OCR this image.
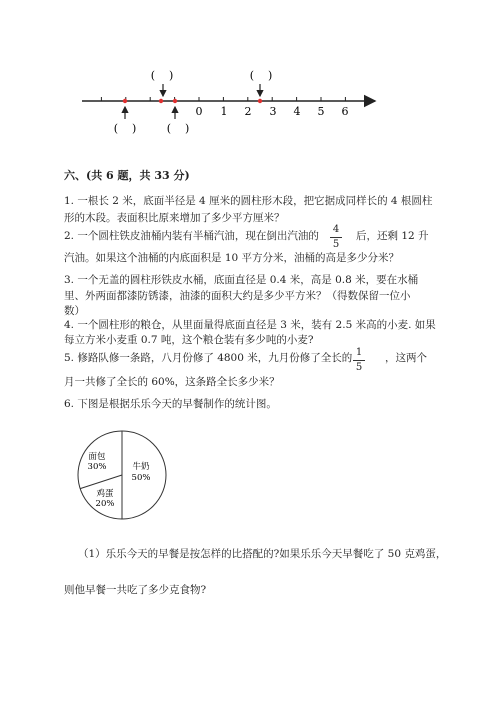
0 1 2 3 4 5 6
(    )	(    )
(    )	(    )
六、(共 6 题，共 33 分)
1. 一根长 2 米，底面半径是 4 厘米的圆柱形木段，把它据成同样长的 4 根圆柱
形的木段。表面积比原来增加了多少平方厘米？
2. 一个圆柱铁皮油桶内装有半桶汽油，现在倒出汽油的
4
5
后，还剩 12 升
汽油。如果这个油桶的内底面积是 10 平方分米，油桶的高是多少分米？
3. 一个无盖的圆柱形铁皮水桶，底面直径是 0.4 米，高是 0.8 米，要在水桶
里、外两面都漆防锈漆，油漆的面积大约是多少平方米？（得数保留一位小
数）
4. 一个圆柱形的粮仓，从里面量得底面直径是 3 米，装有 2.5 米高的小麦. 如果
每立方米小麦重 0.7 吨，这个粮仓装有多少吨的小麦?
5. 修路队修一条路，八月份修了 4800 米，九月份修了全长的 1
5
，这两个
月一共修了全长的 60%，这条路全长多少米？
6. 下图是根据乐乐今天的早餐制作的统计图。
面包
30%	牛奶
50%
鸡蛋
20%
（1）乐乐今天的早餐是按怎样的比搭配的?如果乐乐今天早餐吃了 50 克鸡蛋，
则他早餐一共吃了多少克食物?
